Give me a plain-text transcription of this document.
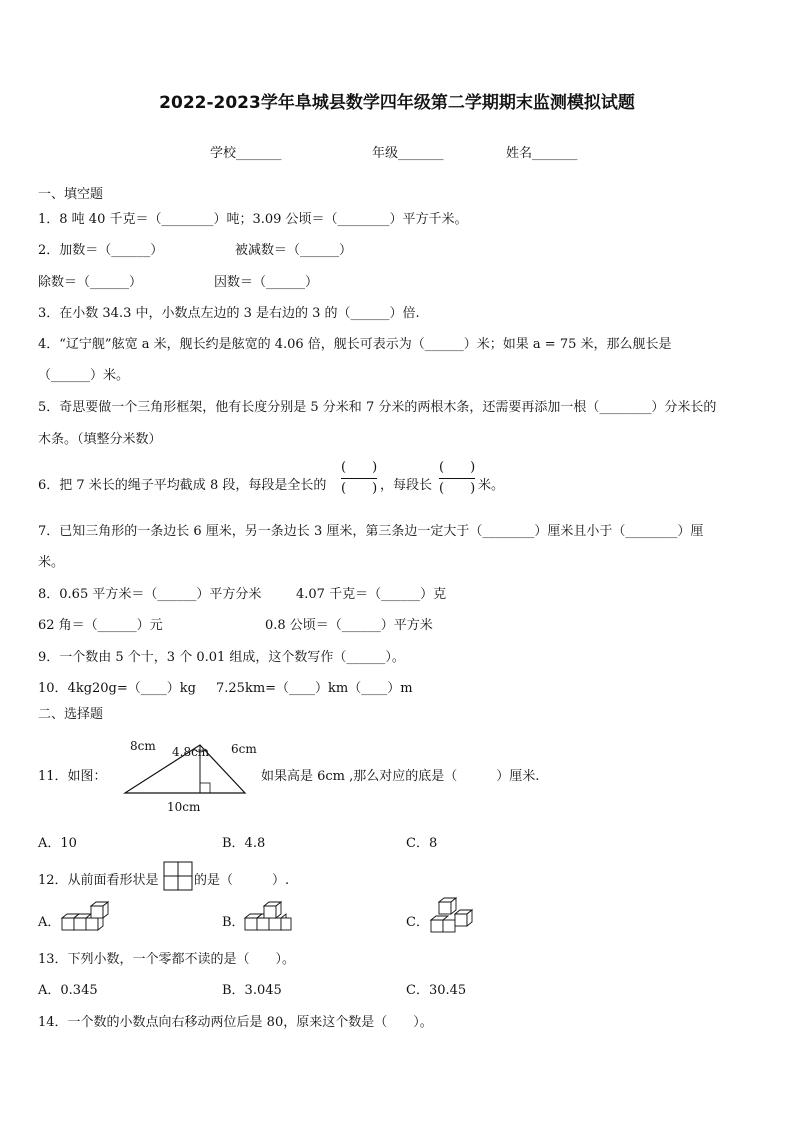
2022-2023学年阜城县数学四年级第二学期期末监测模拟试题
学校_______	年级_______	姓名_______
一、填空题
1．8 吨 40 千克＝（________）吨；3.09 公顷＝（________）平方千米。
2．加数＝（______）	被减数＝（______）
除数＝（______）	因数＝（______）
3．在小数 34.3 中，小数点左边的 3 是右边的 3 的（______）倍.
4．“辽宁舰”舷宽 a 米，舰长约是舷宽的 4.06 倍，舰长可表示为（______）米；如果 a = 75 米，那么舰长是
（______）米。
5．奇思要做一个三角形框架，他有长度分别是 5 分米和 7 分米的两根木条，还需要再添加一根（________）分米长的
木条。（填整分米数）
6．把 7 米长的绳子平均截成 8 段，每段是全长的
(　　)
(　　) ，每段长
(　　)
(　　) 米。
7．已知三角形的一条边长 6 厘米，另一条边长 3 厘米，第三条边一定大于（________）厘米且小于（________）厘
米。
8．0.65 平方米＝（______）平方分米	4.07 千克＝（______）克
62 角＝（______）元	0.8 公顷＝（______）平方米
9．一个数由 5 个十，3 个 0.01 组成，这个数写作（______）。
10．4kg20g=（____）kg 7.25km=（____）km（____）m
二、选择题
11．如图：
8cm 4.8cm 6cm
10cm
如果高是 6cm ,那么对应的底是（　　　）厘米.
A．10	B．4.8	C．8
12．从前面看形状是	的是（　　　）.
A．	B．	C．
13．下列小数，一个零都不读的是（　　）。
A．0.345	B．3.045	C．30.45
14．一个数的小数点向右移动两位后是 80，原来这个数是（　　）。
